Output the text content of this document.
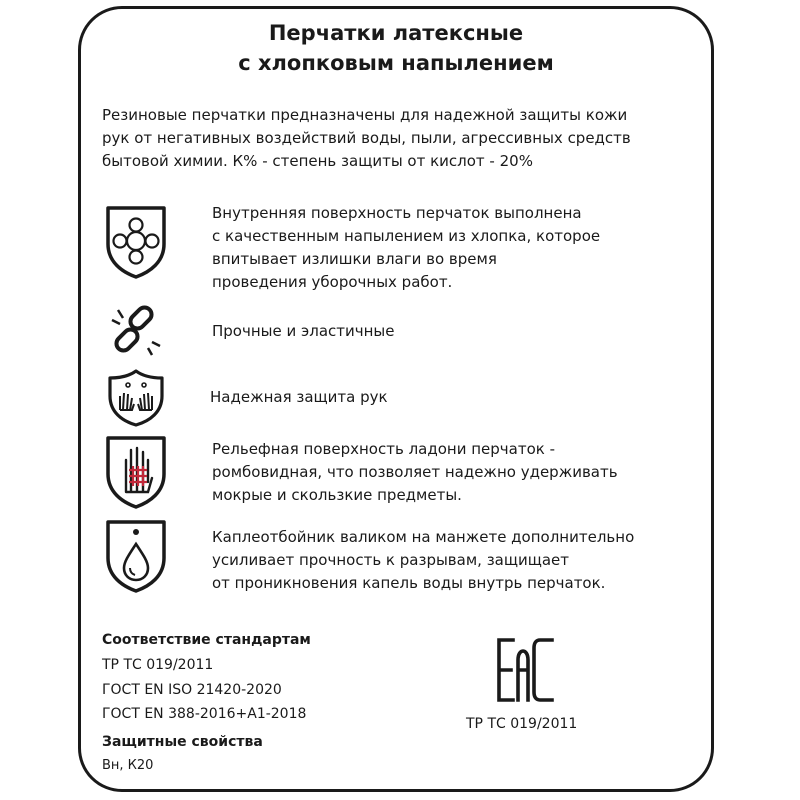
Перчатки латексные
с хлопковым напылением
Резиновые перчатки предназначены для надежной защиты кожи
рук от негативных воздействий воды, пыли, агрессивных средств
бытовой химии. К% - степень защиты от кислот - 20%
Внутренняя поверхность перчаток выполнена
с качественным напылением из хлопка, которое
впитывает излишки влаги во время
проведения уборочных работ.
Прочные и эластичные
Надежная защита рук
Рельефная поверхность ладони перчаток -
ромбовидная, что позволяет надежно удерживать
мокрые и скользкие предметы.
Каплеотбойник валиком на манжете дополнительно
усиливает прочность к разрывам, защищает
от проникновения капель воды внутрь перчаток.
Соответствие стандартам
ТР ТС 019/2011
ГОСТ EN ISO 21420-2020
ГОСТ EN 388-2016+A1-2018
Защитные свойства
Вн, К20
ТР ТС 019/2011
